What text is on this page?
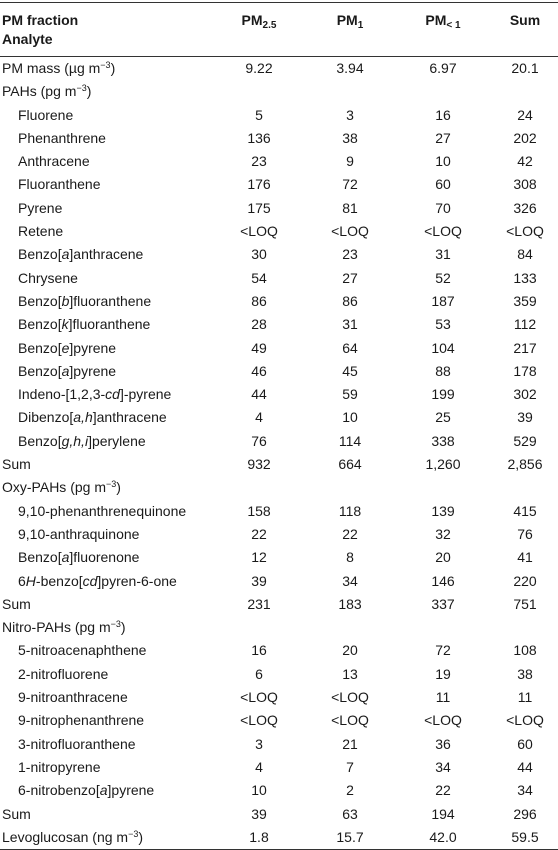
PM fraction
Analyte	$PM_{2.5}$	$PM_1$	$PM_{< 1}$	Sum
PM mass (µg $m^{-3}$)	9.22	3.94	6.97	20.1
PAHs (pg $m^{-3}$)				
Fluorene	5	3	16	24
Phenanthrene	136	38	27	202
Anthracene	23	9	10	42
Fluoranthene	176	72	60	308
Pyrene	175	81	70	326
Retene	<LOQ	<LOQ	<LOQ	<LOQ
Benzo[a]anthracene	30	23	31	84
Chrysene	54	27	52	133
Benzo[b]fluoranthene	86	86	187	359
Benzo[k]fluoranthene	28	31	53	112
Benzo[e]pyrene	49	64	104	217
Benzo[a]pyrene	46	45	88	178
Indeno-[1,2,3-cd]-pyrene	44	59	199	302
Dibenzo[a,h]anthracene	4	10	25	39
Benzo[g,h,i]perylene	76	114	338	529
Sum	932	664	1,260	2,856
Oxy-PAHs (pg $m^{-3}$)				
9,10-phenanthrenequinone	158	118	139	415
9,10-anthraquinone	22	22	32	76
Benzo[a]fluorenone	12	8	20	41
6H-benzo[cd]pyren-6-one	39	34	146	220
Sum	231	183	337	751
Nitro-PAHs (pg $m^{-3}$)				
5-nitroacenaphthene	16	20	72	108
2-nitrofluorene	6	13	19	38
9-nitroanthracene	<LOQ	<LOQ	11	11
9-nitrophenanthrene	<LOQ	<LOQ	<LOQ	<LOQ
3-nitrofluoranthene	3	21	36	60
1-nitropyrene	4	7	34	44
6-nitrobenzo[a]pyrene	10	2	22	34
Sum	39	63	194	296
Levoglucosan (ng $m^{-3}$)	1.8	15.7	42.0	59.5
